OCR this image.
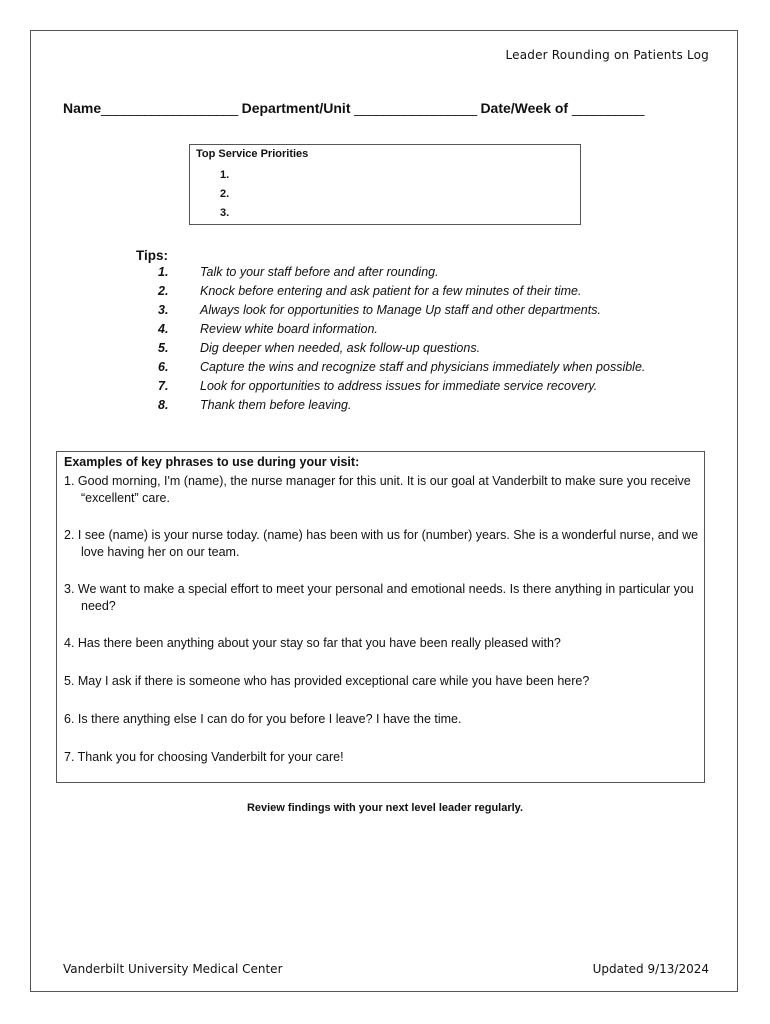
Leader Rounding on Patients Log
Name___________________ Department/Unit _________________ Date/Week of __________
Top Service Priorities
1.
2.
3.
Tips:
1.	Talk to your staff before and after rounding.
2.	Knock before entering and ask patient for a few minutes of their time.
3.	Always look for opportunities to Manage Up staff and other departments.
4.	Review white board information.
5.	Dig deeper when needed, ask follow-up questions.
6.	Capture the wins and recognize staff and physicians immediately when possible.
7.	Look for opportunities to address issues for immediate service recovery.
8.	Thank them before leaving.
Examples of key phrases to use during your visit:
1. Good morning, I'm (name), the nurse manager for this unit. It is our goal at Vanderbilt to make sure you receive “excellent” care.
2. I see (name) is your nurse today. (name) has been with us for (number) years. She is a wonderful nurse, and we love having her on our team.
3. We want to make a special effort to meet your personal and emotional needs. Is there anything in particular you need?
4. Has there been anything about your stay so far that you have been really pleased with?
5. May I ask if there is someone who has provided exceptional care while you have been here?
6. Is there anything else I can do for you before I leave? I have the time.
7. Thank you for choosing Vanderbilt for your care!
Review findings with your next level leader regularly.
Vanderbilt University Medical Center	Updated 9/13/2024
